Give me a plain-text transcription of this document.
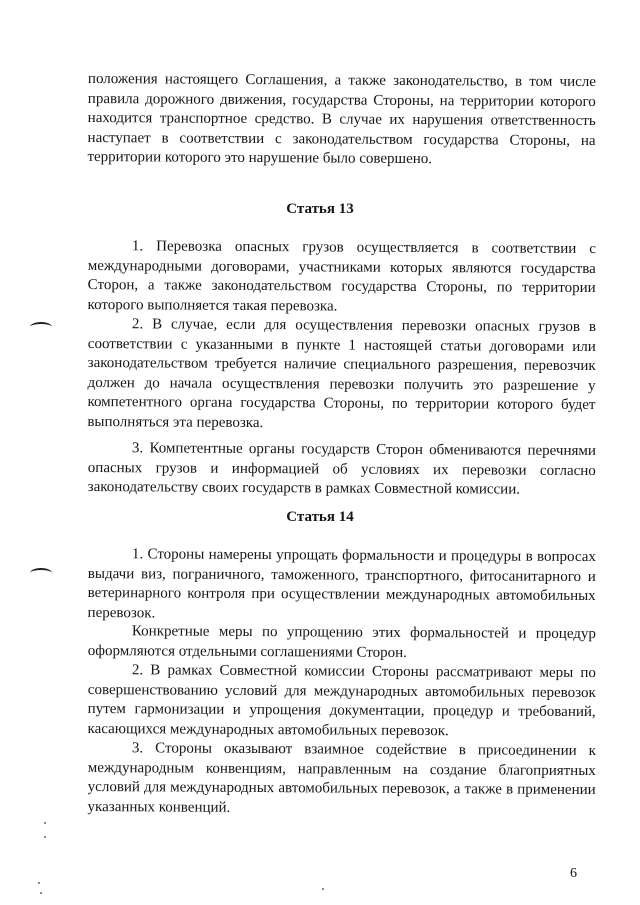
положения настоящего Соглашения, а также законодательство, в том числе правила дорожного движения, государства Стороны, на территории которого находится транспортное средство. В случае их нарушения ответственность наступает в соответствии с законодательством государства Стороны, на территории которого это нарушение было совершено.
Статья 13
1. Перевозка опасных грузов осуществляется в соответствии с международными договорами, участниками которых являются государства Сторон, а также законодательством государства Стороны, по территории которого выполняется такая перевозка.
2. В случае, если для осуществления перевозки опасных грузов в соответствии с указанными в пункте 1 настоящей статьи договорами или законодательством требуется наличие специального разрешения, перевозчик должен до начала осуществления перевозки получить это разрешение у компетентного органа государства Стороны, по территории которого будет выполняться эта перевозка.
3. Компетентные органы государств Сторон обмениваются перечнями опасных грузов и информацией об условиях их перевозки согласно законодательству своих государств в рамках Совместной комиссии.
Статья 14
1. Стороны намерены упрощать формальности и процедуры в вопросах выдачи виз, пограничного, таможенного, транспортного, фитосанитарного и ветеринарного контроля при осуществлении международных автомобильных перевозок.
Конкретные меры по упрощению этих формальностей и процедур оформляются отдельными соглашениями Сторон.
2. В рамках Совместной комиссии Стороны рассматривают меры по совершенствованию условий для международных автомобильных перевозок путем гармонизации и упрощения документации, процедур и требований, касающихся международных автомобильных перевозок.
3. Стороны оказывают взаимное содействие в присоединении к международным конвенциям, направленным на создание благоприятных условий для международных автомобильных перевозок, а также в применении указанных конвенций.
6
